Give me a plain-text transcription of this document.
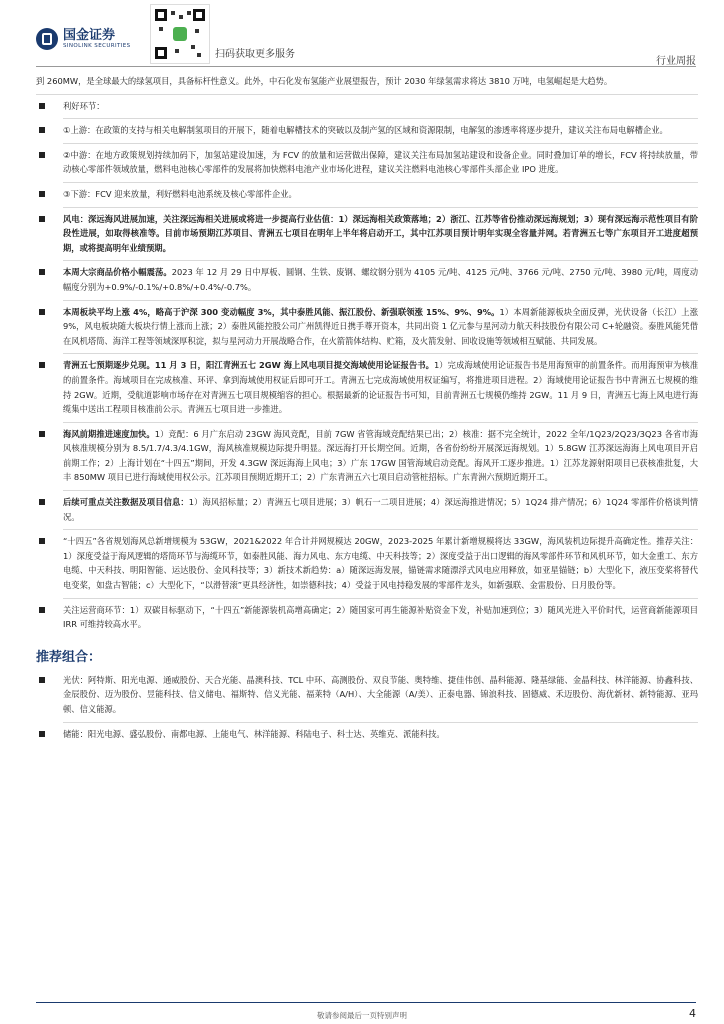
国金证券
SINOLINK SECURITIES
扫码获取更多服务
行业周报

到 260MW，是全球最大的绿氢项目，具备标杆性意义。此外，中石化发布氢能产业展望报告，预计 2030 年绿氢需求将达 3810 万吨，电氢崛起是大趋势。

利好环节：
①上游：在政策的支持与相关电解制氢项目的开展下，随着电解槽技术的突破以及制产氢的区域和资源限制，电解氢的渗透率将逐步提升，建议关注布局电解槽企业。
②中游：在地方政策规划持续加码下，加氢站建设加速，为 FCV 的放量和运营做出保障，建议关注布局加氢站建设和设备企业。同时叠加订单的增长，FCV 将持续放量，带动核心零部件领域放量，燃料电池核心零部件的发展将加快燃料电池产业市场化进程，建议关注燃料电池核心零部件头部企业 IPO 进度。
③下游：FCV 迎来放量，利好燃料电池系统及核心零部件企业。
风电：深远海风进展加速，关注深远海相关进展或将进一步提高行业估值：1）深远海相关政策落地；2）浙江、江苏等省份推动深远海规划；3）现有深远海示范性项目有阶段性进展，如取得核准等。目前市场预期江苏项目、青洲五七项目在明年上半年将启动开工，其中江苏项目预计明年实现全容量并网。若青洲五七等广东项目开工进度超预期，或将提高明年业绩预期。
本周大宗商品价格小幅震荡。2023 年 12 月 29 日中厚板、圆钢、生铁、废钢、螺纹钢分别为 4105 元/吨、4125 元/吨、3766 元/吨、2750 元/吨、3980 元/吨，周度动幅度分别为+0.9%/-0.1%/+0.8%/+0.4%/-0.7%。
本周板块平均上涨 4%，略高于沪深 300 变动幅度 3%，其中泰胜风能、振江股份、新强联领涨 15%、9%、9%。1）本周新能源板块全面反弹，光伏设备（长江）上涨 9%，风电板块随大板块行情上涨而上涨；2）泰胜风能控股公司广州凯得近日携手尊开资本，共同出资 1 亿元参与星河动力航天科技股份有限公司 C+轮融资。泰胜风能凭借在风机塔筒、海洋工程等领域深厚积淀，拟与星河动力开展战略合作，在火箭箭体结构、贮箱，及火箭发射、回收设施等领域相互赋能、共同发展。
青洲五七预期逐步兑现。11 月 3 日，阳江青洲五七 2GW 海上风电项目提交海域使用论证报告书。1）完成海域使用论证报告书是用海预审的前置条件。而用海预审为核准的前置条件。海域项目在完成核准、环评、拿到海域使用权证后即可开工。青洲五七完成海域使用权证编写，将推进项目进程。2）海域使用论证报告书中青洲五七规模的维持 2GW。近期，受航道影响市场存在对青洲五七项目规模缩容的担心。根据最新的论证报告书可知，目前青洲五七规模仍维持 2GW。11 月 9 日，青洲五七海上风电进行海缆集中送出工程项目核准前公示。青洲五七项目进一步推进。
海风前期推进速度加快。1）竞配：6 月广东启动 23GW 海风竞配，目前 7GW 省管海域竞配结果已出；2）核准：据不完全统计，2022 全年/1Q23/2Q23/3Q23 各省市海风核准规模分别为 8.5/1.7/4.3/4.1GW，海风核准规模边际提升明显。深远海打开长期空间。近期，各省份纷纷开展深远海规划。1）5.8GW 江苏深远海海上风电项目开启前期工作；2）上海计划在“十四五”期间，开发 4.3GW 深远海海上风电；3）广东 17GW 国管海域启动竞配。海风开工逐步推进。1）江苏龙源射阳项目已获核准批复，大丰 850MW 项目已进行海域使用权公示。江苏项目预期近期开工；2）广东青洲五六七项目启动管桩招标。广东青洲六预期近期开工。
后续可重点关注数据及项目信息：1）海风招标量；2）青洲五七项目进展；3）帆石一二项目进展；4）深远海推进情况；5）1Q24 排产情况；6）1Q24 零部件价格谈判情况。
“十四五”各省规划海风总新增规模为 53GW，2021&2022 年合计并网规模达 20GW，2023-2025 年累计新增规模将达 33GW，海风装机边际提升高确定性。推荐关注：1）深度受益于海风逻辑的塔筒环节与海缆环节，如泰胜风能、海力风电、东方电缆、中天科技等；2）深度受益于出口逻辑的海风零部件环节和风机环节，如大金重工、东方电缆、中天科技、明阳智能、运达股份、金风科技等；3）新技术新趋势：a）随深远海发展，锚链需求随漂浮式风电应用释放，如亚星锚链；b）大型化下，液压变桨将替代电变桨，如盘古智能；c）大型化下，“以滑替滚”更具经济性，如崇德科技；4）受益于风电持稳发展的零部件龙头，如新强联、金雷股份、日月股份等。
关注运营商环节：1）双碳目标驱动下，“十四五”新能源装机高增高确定；2）随国家可再生能源补贴资金下发，补贴加速到位；3）随风光进入平价时代，运营商新能源项目 IRR 可维持较高水平。
推荐组合：
光伏：阿特斯、阳光电源、通威股份、天合光能、晶澳科技、TCL 中环、高测股份、双良节能、奥特维、捷佳伟创、晶科能源、隆基绿能、金晶科技、林洋能源、协鑫科技、金辰股份、迈为股份、昱能科技、信义储电、福斯特、信义光能、福莱特（A/H）、大全能源（A/美）、正泰电器、锦浪科技、固德威、禾迈股份、海优新材、新特能源、亚玛顿、信义能源。
储能：阳光电源、盛弘股份、南都电源、上能电气、林洋能源、科陆电子、科士达、英维克、派能科技。
敬请参阅最后一页特别声明	4
